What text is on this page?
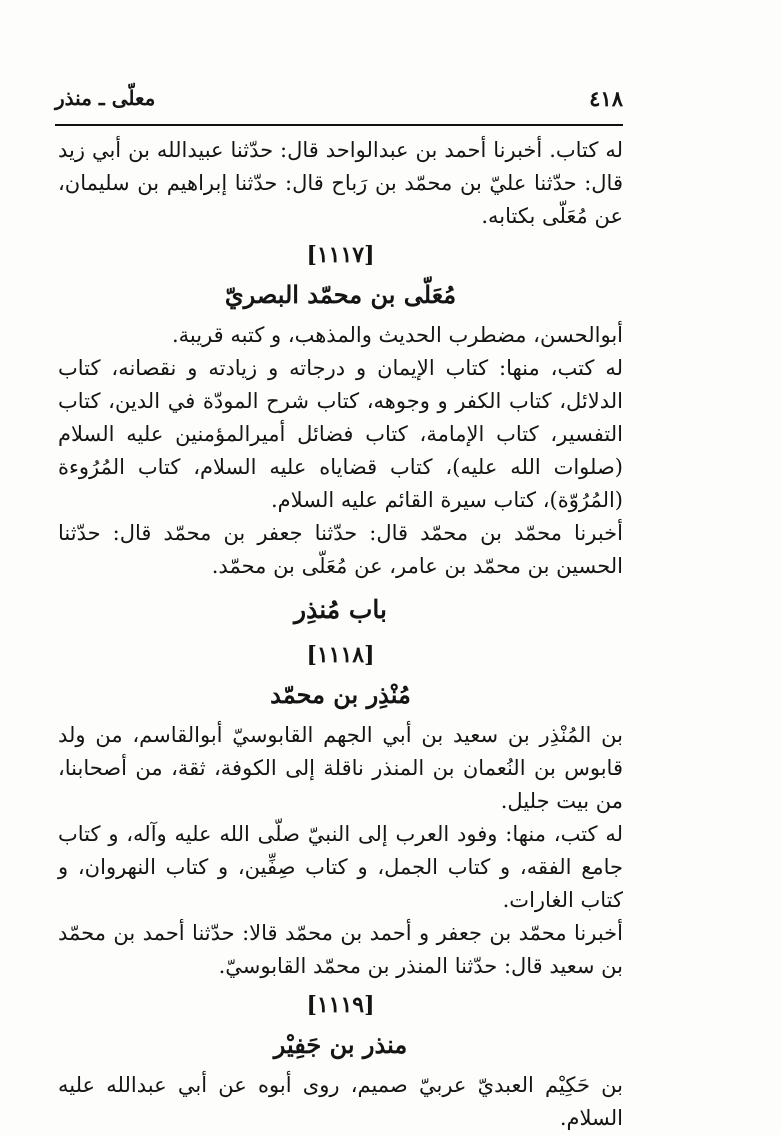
٤١٨
معلّی ـ منذر

له کتاب. أخبرنا أحمد بن عبدالواحد قال: حدّثنا عبیدالله بن أبي زید قال: حدّثنا عليّ بن محمّد بن رَباح قال: حدّثنا إبراهیم بن سلیمان، عن مُعَلّی بکتابه.

[١١١٧]
مُعَلّی بن محمّد البصريّ

أبوالحسن، مضطرب الحدیث والمذهب، و کتبه قریبة.

له کتب، منها: کتاب الإیمان و درجاته و زیادته و نقصانه، کتاب الدلائل، کتاب الکفر و وجوهه، کتاب شرح المودّة في الدین، کتاب التفسیر، کتاب الإمامة، کتاب فضائل أمیرالمؤمنین علیه السلام (صلوات الله علیه)، کتاب قضایاه علیه السلام، کتاب المُرُوءة (المُرُوّة)، کتاب سیرة القائم علیه السلام.

أخبرنا محمّد بن محمّد قال: حدّثنا جعفر بن محمّد قال: حدّثنا الحسین بن محمّد بن عامر، عن مُعَلّی بن محمّد.

باب مُنذِر
[١١١٨]
مُنْذِر بن محمّد

بن المُنْذِر بن سعید بن أبي الجهم القابوسيّ أبوالقاسم، من ولد قابوس بن النُعمان بن المنذر ناقلة إلی الکوفة، ثقة، من أصحابنا، من بیت جلیل.

له کتب، منها: وفود العرب إلی النبيّ صلّی الله علیه وآله، و کتاب جامع الفقه، و کتاب الجمل، و کتاب صِفِّین، و کتاب النهروان، و کتاب الغارات.

أخبرنا محمّد بن جعفر و أحمد بن محمّد قالا: حدّثنا أحمد بن محمّد بن سعید قال: حدّثنا المنذر بن محمّد القابوسيّ.

[١١١٩]
منذر بن جَفِیْر

بن حَکِیْم العبديّ عربيّ صمیم، روی أبوه عن أبي عبدالله علیه السلام.
